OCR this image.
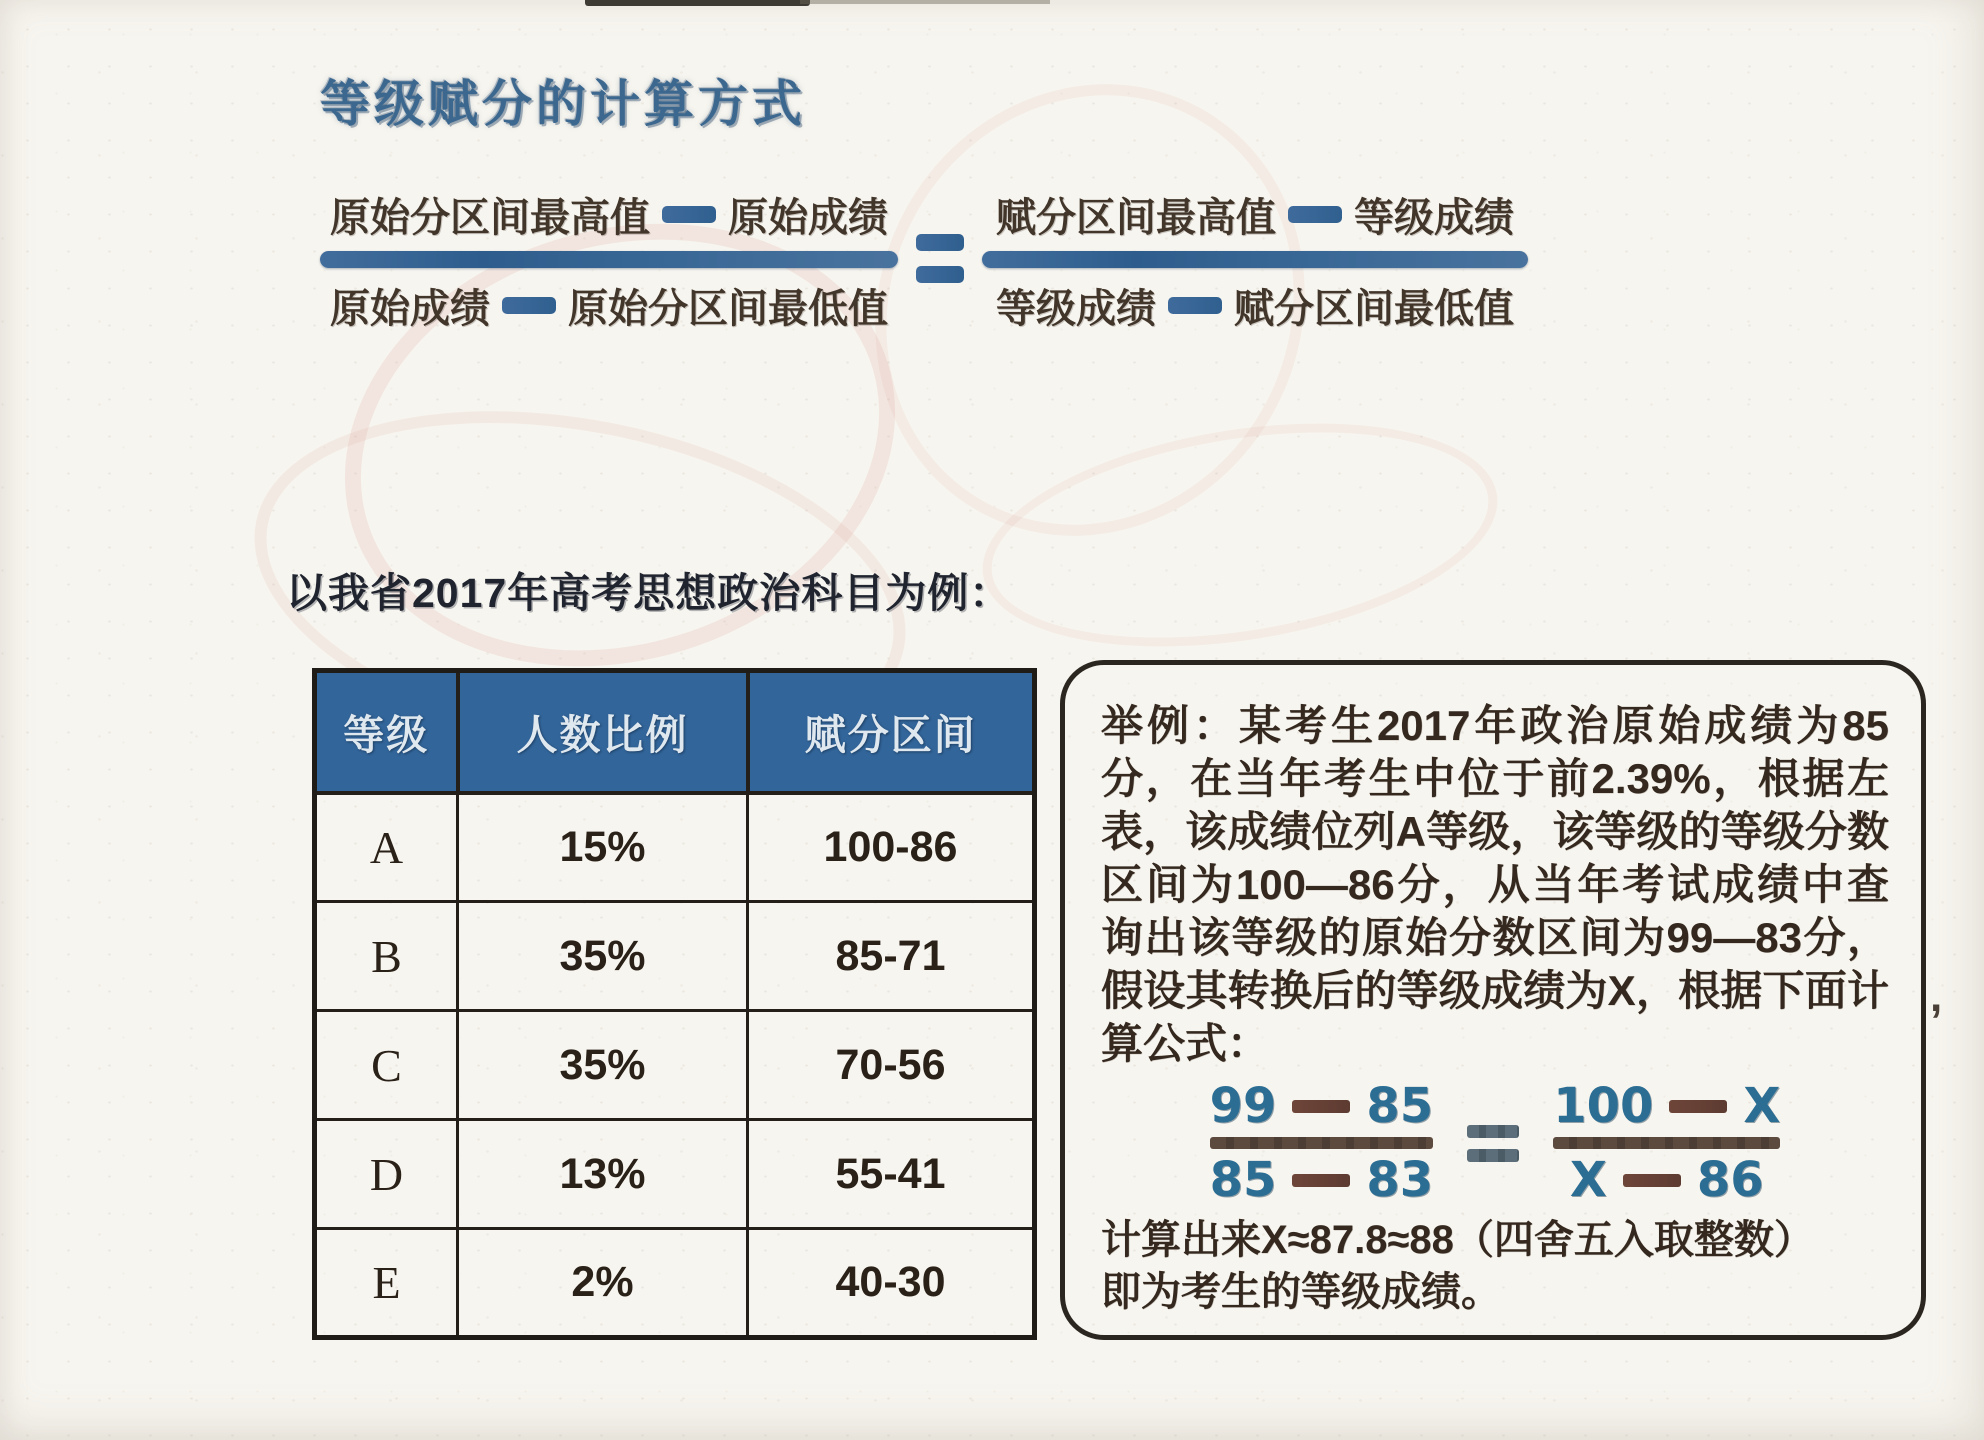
等级赋分的计算方式
原始分区间最高值 原始成绩
原始成绩 原始分区间最低值
赋分区间最高值 等级成绩
等级成绩 赋分区间最低值
以我省2017年高考思想政治科目为例：
等级	人数比例	赋分区间
A	15%	100-86
B	35%	85-71
C	35%	70-56
D	13%	55-41
E	2%	40-30

举例：某考生2017年政治原始成绩为85分，在当年考生中位于前2.39%，根据左表，该成绩位列A等级，该等级的等级分数区间为100—86分，从当年考试成绩中查询出该等级的原始分数区间为99—83分，假设其转换后的等级成绩为X，根据下面计算公式：

99 85
85 83
100 X
X 86

计算出来X≈87.8≈88（四舍五入取整数）
即为考生的等级成绩。

,
